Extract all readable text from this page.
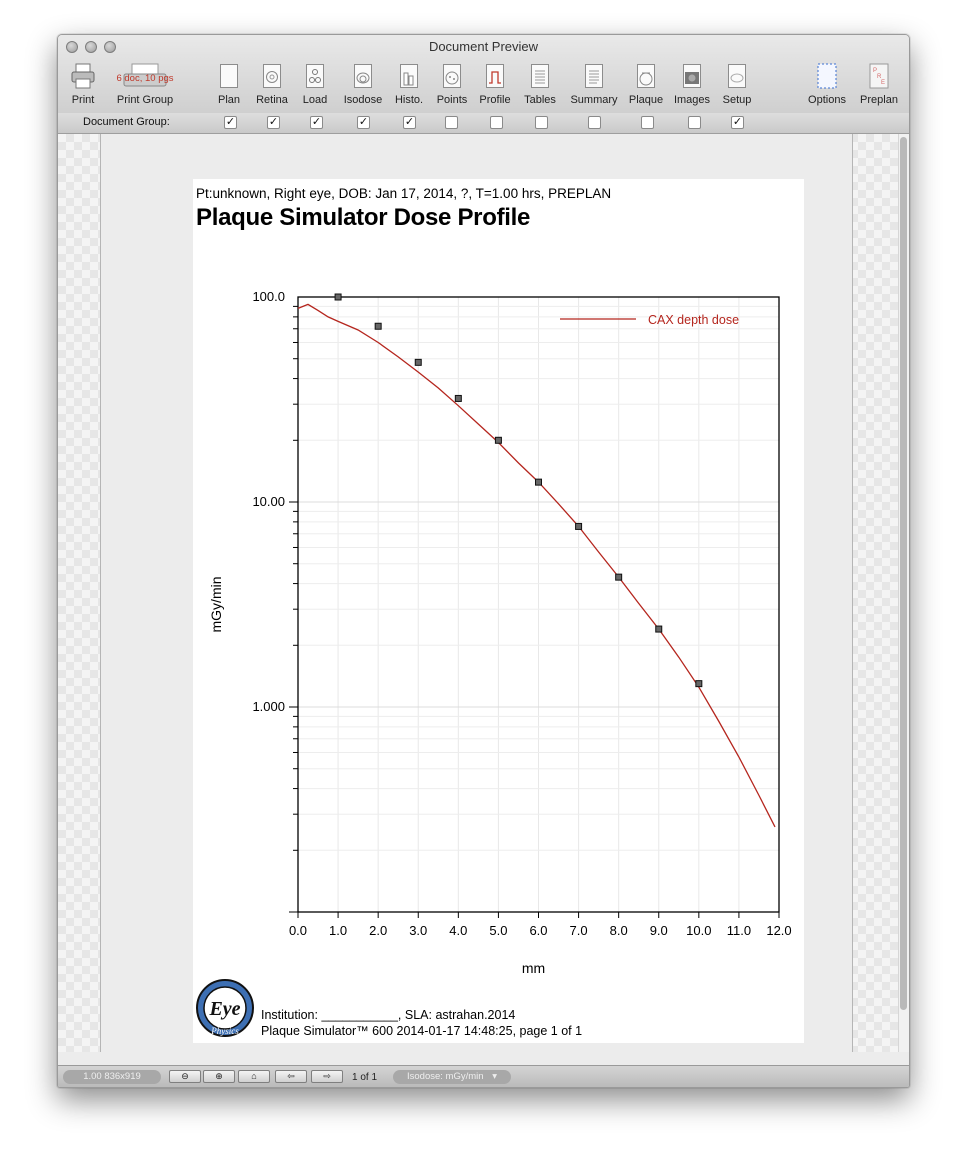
Document Preview
Print
6 doc, 10 pgs
Print Group	Plan	Retina	Load	Isodose	Histo.	Points	Profile	Tables	Summary	Plaque Images	Setup	Options
P
R
E
Preplan
Document Group:	✓	✓	✓	✓	✓	✓
1.00 836x919	⊖	⊕	⌂	⇦	⇨	1 of 1	Isodose: mGy/min ▾
Pt:unknown, Right eye, DOB: Jan 17, 2014, ?, T=1.00 hrs, PREPLAN
Plaque Simulator Dose Profile
0.0 1.0 2.0 3.0 4.0 5.0 6.0 7.0 8.0 9.0 10.0 11.0 12.0
100.0
10.00
1.000
mm
mGy/min
CAX depth dose
Eye
Physics
Institution: ___________, SLA: astrahan.2014
Plaque Simulator™ 600 2014-01-17 14:48:25, page 1 of 1
